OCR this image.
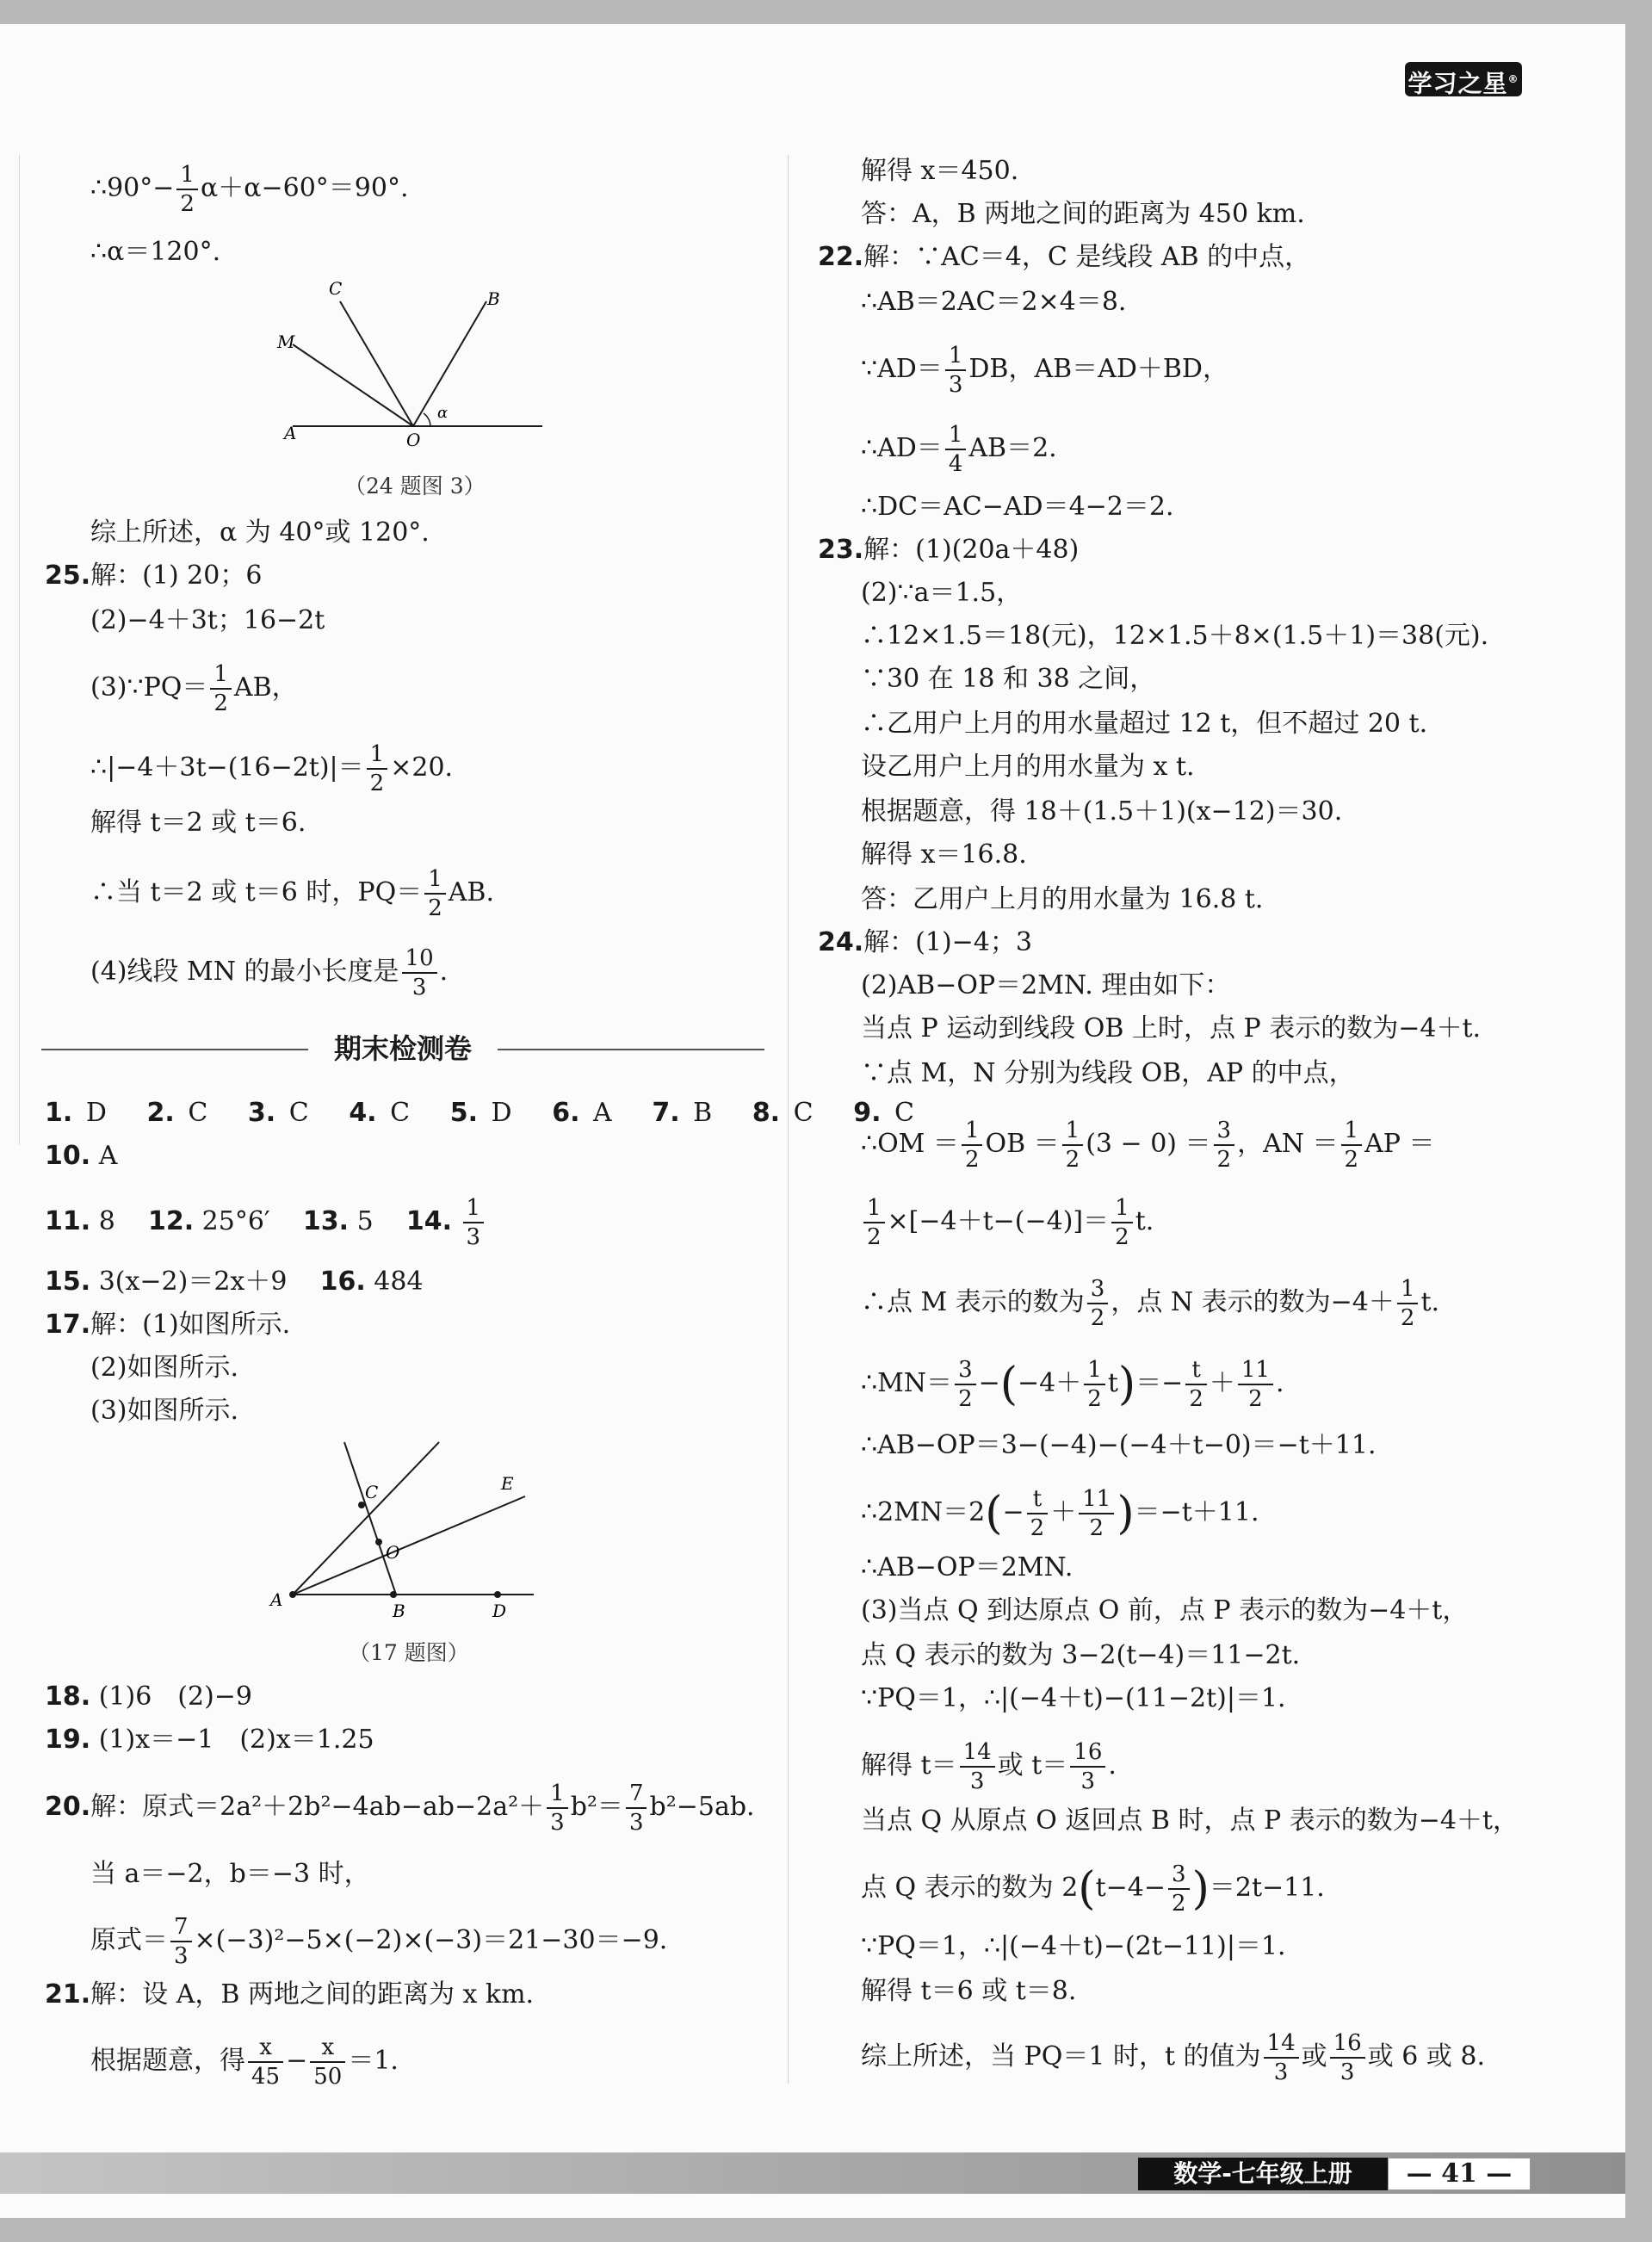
学习之星®
∴90°− $\frac{1}{2} \alpha+\alpha-60^\circ=90^\circ$.
∴α＝120°.
C	B
M
A	O
α
（24 题图 3）
综上所述，α 为 40°或 120°.
25.解：(1) 20；6
(2)−4＋3t；16−2t
(3)∵PQ＝ $\frac{1}{2}$ AB，
∴|−4＋3t−(16−2t)|＝ $\frac{1}{2} \times 20$.
解得 t＝2 或 t＝6.
∴当 t＝2 或 t＝6 时，$PQ= \frac{1}{2}$ AB.
(4)线段 MN 的最小长度是 $\frac{10}{3}$ .
期末检测卷
1. D 2. C 3. C 4. C 5. D 6. A 7. B 8. C 9. C
10. A
11. 8 12. 25°6′ 13. 5 14. $\frac{1}{3}$
15. 3(x−2)＝2x＋9 16. 484
17.解：(1)如图所示.
(2)如图所示.
(3)如图所示.
C	E
O
A
B	D
（17 题图）
18. (1)6　(2)−9
19. (1)x＝−1　(2)x＝1.25
20.解：原式$=2a^2+2b^2-4ab-ab-2a^2+ \frac{1}{3} b^2= \frac{7}{3} b^2-5ab$.
当 a＝−2，b＝−3 时，
原式＝ $\frac{7}{3} \times(-3)^2-5\times(-2)\times(-3)=21-30=-9$.
21.解：设 A，B 两地之间的距离为 x km.
根据题意，得 $\frac{x}{45} - \frac{x}{50} =1$.
解得 x＝450.
答：A，B 两地之间的距离为 450 km.
22.解：∵AC＝4，C 是线段 AB 的中点，
∴AB＝2AC＝2×4＝8.
∵AD＝ $\frac{1}{3}$ DB，AB＝AD＋BD，
∴AD＝ $\frac{1}{4} AB=2$.
∴DC＝AC−AD＝4−2＝2.
23.解：(1)(20a＋48)
(2)∵a＝1.5，
∴12×1.5＝18(元)，12×1.5＋8×(1.5＋1)＝38(元).
∵30 在 18 和 38 之间，
∴乙用户上月的用水量超过 12 t，但不超过 20 t.
设乙用户上月的用水量为 x t.
根据题意，得 18＋(1.5＋1)(x−12)＝30.
解得 x＝16.8.
答：乙用户上月的用水量为 16.8 t.
24.解：(1)−4；3
(2)AB−OP＝2MN. 理由如下：
当点 P 运动到线段 OB 上时，点 P 表示的数为−4＋t.
∵点 M，N 分别为线段 OB，AP 的中点，
∴OM ＝ $\frac{1}{2}$ OB ＝ $\frac{1}{2} (3 - 0) = \frac{3}{2}$ ，AN ＝ $\frac{1}{2}$ AP ＝
$\frac{1}{2} \times[-4+t-(-4)]= \frac{1}{2} t$.
∴点 M 表示的数为 $\frac{3}{2}$ ，点 N 表示的数为$-4+ \frac{1}{2} t$.
∴MN＝ $\frac{3}{2} -(-4+ \frac{1}{2} t)=- \frac{t}{2} + \frac{11}{2}$ .
∴AB−OP＝3−(−4)−(−4＋t−0)＝−t＋11.
∴2MN＝2(− $\frac{t}{2} + \frac{11}{2} )=-t+11$.
∴AB−OP＝2MN.
(3)当点 Q 到达原点 O 前，点 P 表示的数为−4＋t，
点 Q 表示的数为 3−2(t−4)＝11−2t.
∵PQ＝1，∴|(−4＋t)−(11−2t)|＝1.
解得 $t= \frac{14}{3}$ 或 $t= \frac{16}{3}$ .
当点 Q 从原点 O 返回点 B 时，点 P 表示的数为−4＋t，
点 Q 表示的数为 $2(t-4- \frac{3}{2} )=2t-11$.
∵PQ＝1，∴|(−4＋t)−(2t−11)|＝1.
解得 t＝6 或 t＝8.
综上所述，当 PQ＝1 时，t 的值为 $\frac{14}{3}$ 或 $\frac{16}{3}$ 或 6 或 8.
数学-七年级上册	— 41 —
